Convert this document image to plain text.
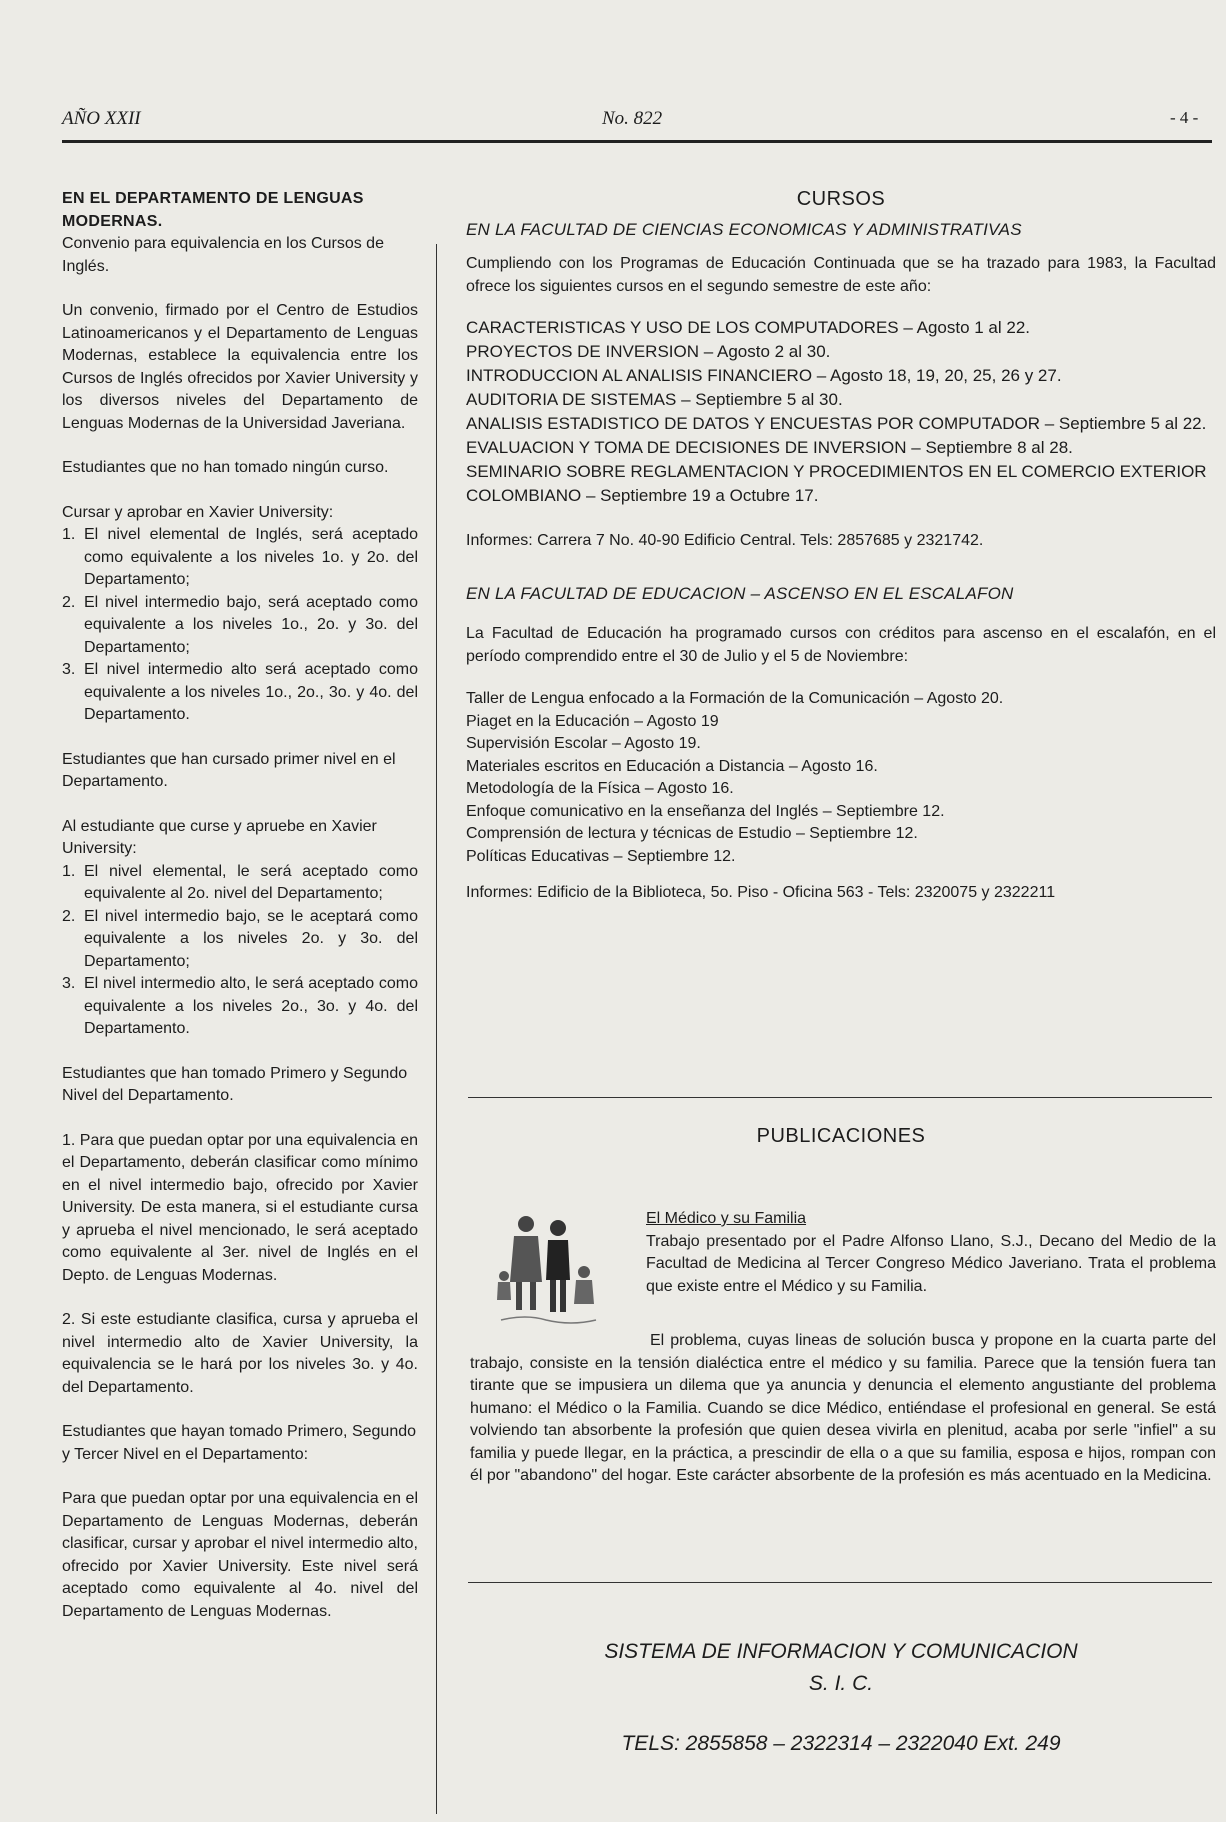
AÑO XXII	No. 822	- 4 -

EN EL DEPARTAMENTO DE LENGUAS MODERNAS.

Convenio para equivalencia en los Cursos de Inglés.

Un convenio, firmado por el Centro de Estudios Latinoamericanos y el Departamento de Lenguas Modernas, establece la equivalencia entre los Cursos de Inglés ofrecidos por Xavier University y los diversos niveles del Departamento de Lenguas Modernas de la Universidad Javeriana.

Estudiantes que no han tomado ningún curso.

Cursar y aprobar en Xavier University:

1. El nivel elemental de Inglés, será aceptado como equivalente a los niveles 1o. y 2o. del Departamento;
2. El nivel intermedio bajo, será aceptado como equivalente a los niveles 1o., 2o. y 3o. del Departamento;
3. El nivel intermedio alto será aceptado como equivalente a los niveles 1o., 2o., 3o. y 4o. del Departamento.

Estudiantes que han cursado primer nivel en el Departamento.

Al estudiante que curse y apruebe en Xavier University:

1. El nivel elemental, le será aceptado como equivalente al 2o. nivel del Departamento;
2. El nivel intermedio bajo, se le aceptará como equivalente a los niveles 2o. y 3o. del Departamento;
3. El nivel intermedio alto, le será aceptado como equivalente a los niveles 2o., 3o. y 4o. del Departamento.

Estudiantes que han tomado Primero y Segundo Nivel del Departamento.

1. Para que puedan optar por una equivalencia en el Departamento, deberán clasificar como mínimo en el nivel intermedio bajo, ofrecido por Xavier University. De esta manera, si el estudiante cursa y aprueba el nivel mencionado, le será aceptado como equivalente al 3er. nivel de Inglés en el Depto. de Lenguas Modernas.

2. Si este estudiante clasifica, cursa y aprueba el nivel intermedio alto de Xavier University, la equivalencia se le hará por los niveles 3o. y 4o. del Departamento.

Estudiantes que hayan tomado Primero, Segundo y Tercer Nivel en el Departamento:

Para que puedan optar por una equivalencia en el Departamento de Lenguas Modernas, deberán clasificar, cursar y aprobar el nivel intermedio alto, ofrecido por Xavier University. Este nivel será aceptado como equivalente al 4o. nivel del Departamento de Lenguas Modernas.

CURSOS

EN LA FACULTAD DE CIENCIAS ECONOMICAS Y ADMINISTRATIVAS

Cumpliendo con los Programas de Educación Continuada que se ha trazado para 1983, la Facultad ofrece los siguientes cursos en el segundo semestre de este año:

CARACTERISTICAS Y USO DE LOS COMPUTADORES – Agosto 1 al 22.

PROYECTOS DE INVERSION – Agosto 2 al 30.

INTRODUCCION AL ANALISIS FINANCIERO – Agosto 18, 19, 20, 25, 26 y 27.

AUDITORIA DE SISTEMAS – Septiembre 5 al 30.

ANALISIS ESTADISTICO DE DATOS Y ENCUESTAS POR COMPUTADOR – Septiembre 5 al 22.

EVALUACION Y TOMA DE DECISIONES DE INVERSION – Septiembre 8 al 28.

SEMINARIO SOBRE REGLAMENTACION Y PROCEDIMIENTOS EN EL COMERCIO EXTERIOR COLOMBIANO – Septiembre 19 a Octubre 17.

Informes: Carrera 7 No. 40-90 Edificio Central. Tels: 2857685 y 2321742.

EN LA FACULTAD DE EDUCACION – ASCENSO EN EL ESCALAFON

La Facultad de Educación ha programado cursos con créditos para ascenso en el escalafón, en el período comprendido entre el 30 de Julio y el 5 de Noviembre:

Taller de Lengua enfocado a la Formación de la Comunicación – Agosto 20.

Piaget en la Educación – Agosto 19

Supervisión Escolar – Agosto 19.

Materiales escritos en Educación a Distancia – Agosto 16.

Metodología de la Física – Agosto 16.

Enfoque comunicativo en la enseñanza del Inglés – Septiembre 12.

Comprensión de lectura y técnicas de Estudio – Septiembre 12.

Políticas Educativas – Septiembre 12.

Informes: Edificio de la Biblioteca, 5o. Piso - Oficina 563 - Tels: 2320075 y 2322211

PUBLICACIONES

El Médico y su Familia

Trabajo presentado por el Padre Alfonso Llano, S.J., Decano del Medio de la Facultad de Medicina al Tercer Congreso Médico Javeriano. Trata el problema que existe entre el Médico y su Familia.

El problema, cuyas lineas de solución busca y propone en la cuarta parte del trabajo, consiste en la tensión dialéctica entre el médico y su familia. Parece que la tensión fuera tan tirante que se impusiera un dilema que ya anuncia y denuncia el elemento angustiante del problema humano: el Médico o la Familia. Cuando se dice Médico, entiéndase el profesional en general. Se está volviendo tan absorbente la profesión que quien desea vivirla en plenitud, acaba por serle "infiel" a su familia y puede llegar, en la práctica, a prescindir de ella o a que su familia, esposa e hijos, rompan con él por "abandono" del hogar. Este carácter absorbente de la profesión es más acentuado en la Medicina.

SISTEMA DE INFORMACION Y COMUNICACION

S. I. C.

TELS: 2855858 – 2322314 – 2322040 Ext. 249
